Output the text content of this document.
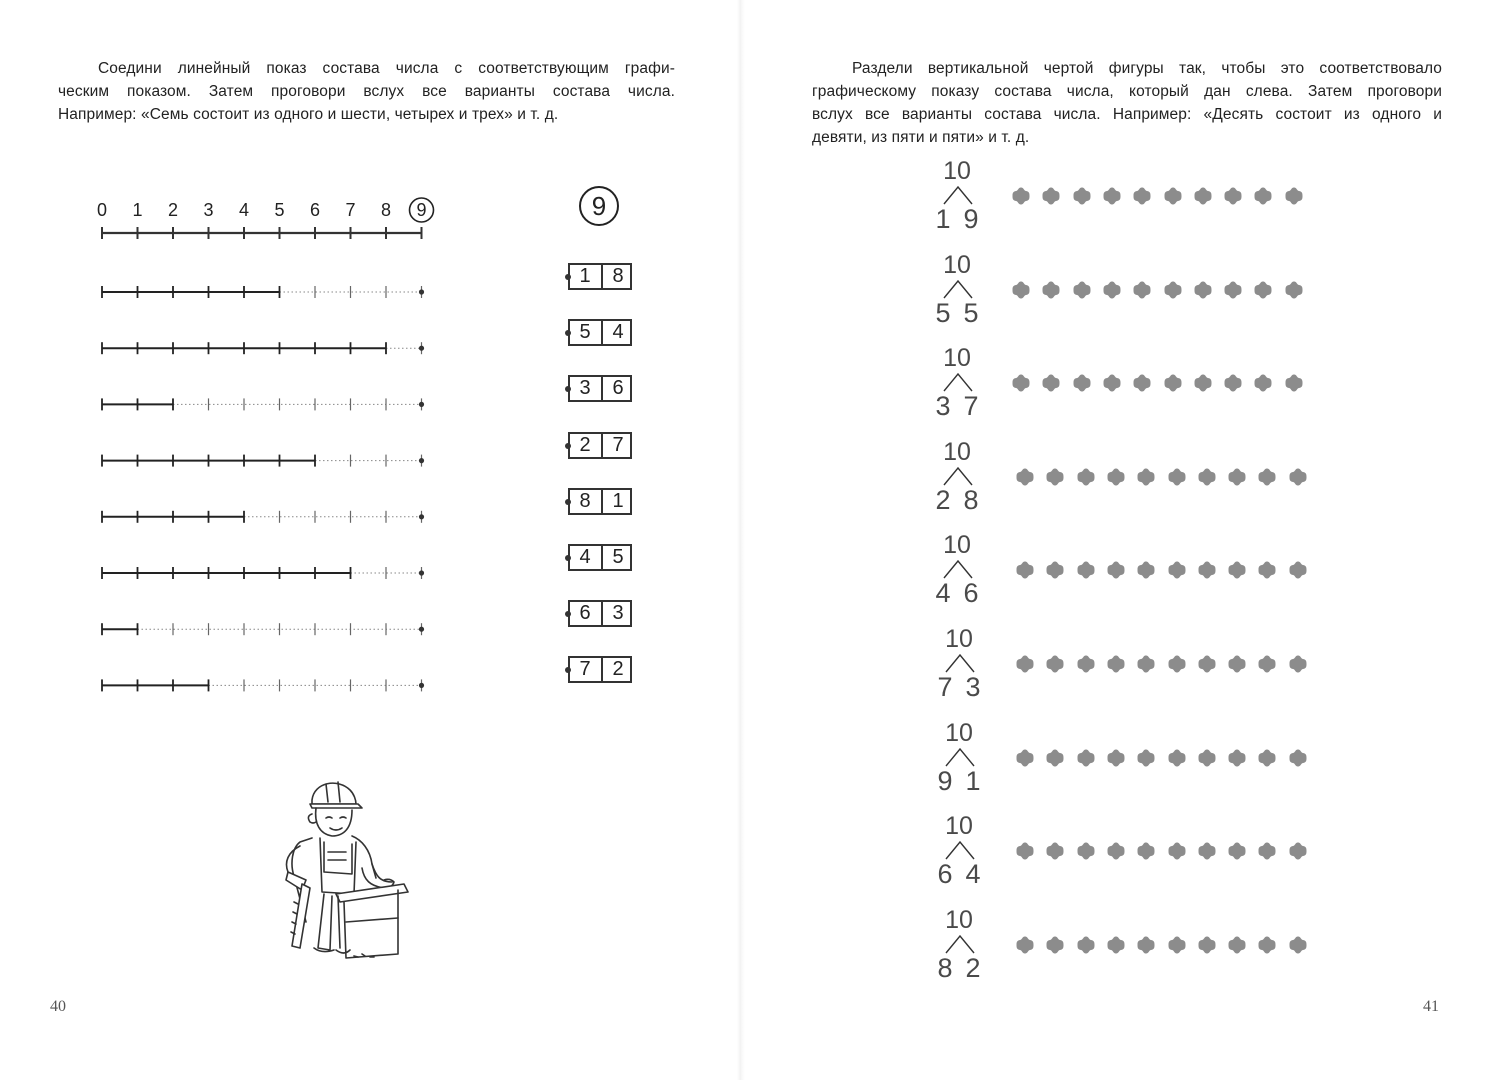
Соедини линейный показ состава числа с соответствующим графи-

ческим показом. Затем проговори вслух все варианты состава числа.

Например: «Семь состоит из одного и шести, четырех и трех» и т. д.

0 1 2 3 4 5 6 7 8 9	9
1	8
5	4
3	6
2	7
8	1
4	5
6	3
7	2
40

Раздели вертикальной чертой фигуры так, чтобы это соответствовало

графическому показу состава числа, который дан слева. Затем проговори

вслух все варианты состава числа. Например: «Десять состоит из одного и

девяти, из пяти и пяти» и т. д.

10
1 9
10
5 5
10
3 7
10
2 8
10
4 6
10
7 3
10
9 1
10
6 4
10
8 2
41
